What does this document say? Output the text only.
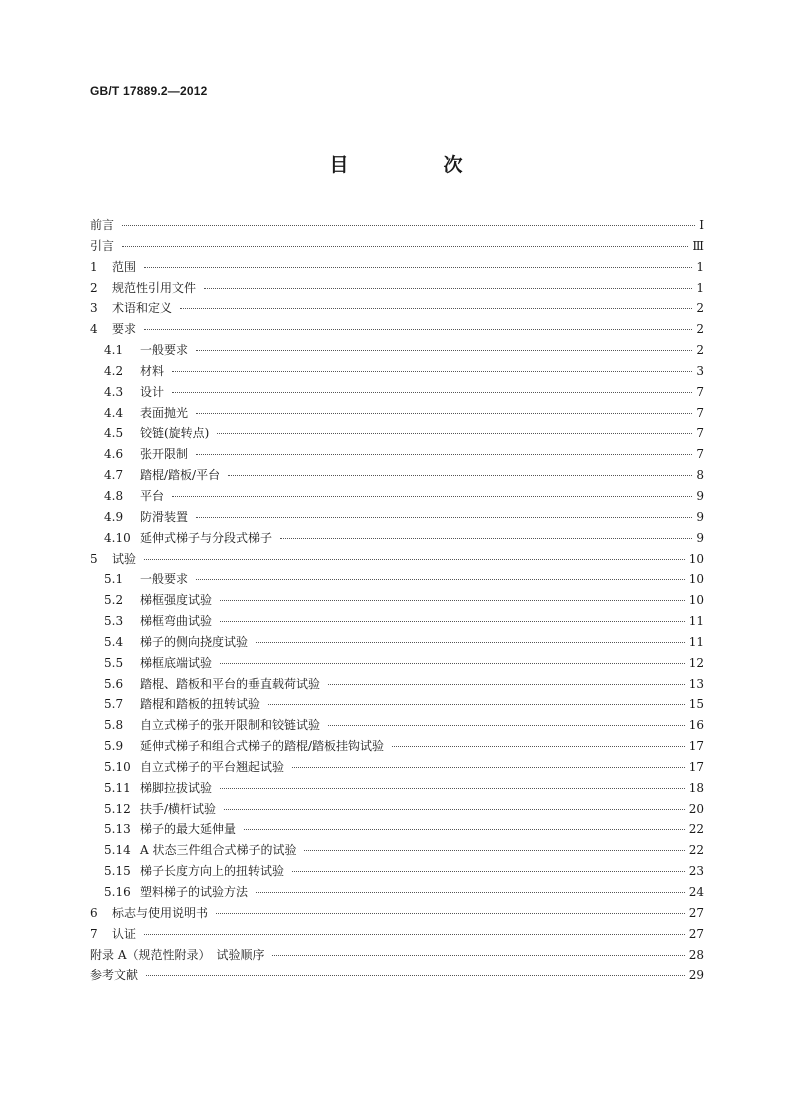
GB/T 17889.2—2012
目　次
前言	Ⅰ
引言	Ⅲ
1	范围	1
2	规范性引用文件	1
3	术语和定义	2
4	要求	2
4.1	一般要求	2
4.2	材料	3
4.3	设计	7
4.4	表面抛光	7
4.5	铰链(旋转点)	7
4.6	张开限制	7
4.7	踏棍/踏板/平台	8
4.8	平台	9
4.9	防滑装置	9
4.10 延伸式梯子与分段式梯子	9
5	试验	10
5.1	一般要求	10
5.2	梯框强度试验	10
5.3	梯框弯曲试验	11
5.4	梯子的侧向挠度试验	11
5.5	梯框底端试验	12
5.6	踏棍、踏板和平台的垂直载荷试验	13
5.7	踏棍和踏板的扭转试验	15
5.8	自立式梯子的张开限制和铰链试验	16
5.9	延伸式梯子和组合式梯子的踏棍/踏板挂钩试验	17
5.10 自立式梯子的平台翘起试验	17
5.11 梯脚拉拔试验	18
5.12 扶手/横杆试验	20
5.13 梯子的最大延伸量	22
5.14 A 状态三件组合式梯子的试验	22
5.15 梯子长度方向上的扭转试验	23
5.16 塑料梯子的试验方法	24
6	标志与使用说明书	27
7	认证	27
附录 A（规范性附录）　试验顺序	28
参考文献	29
